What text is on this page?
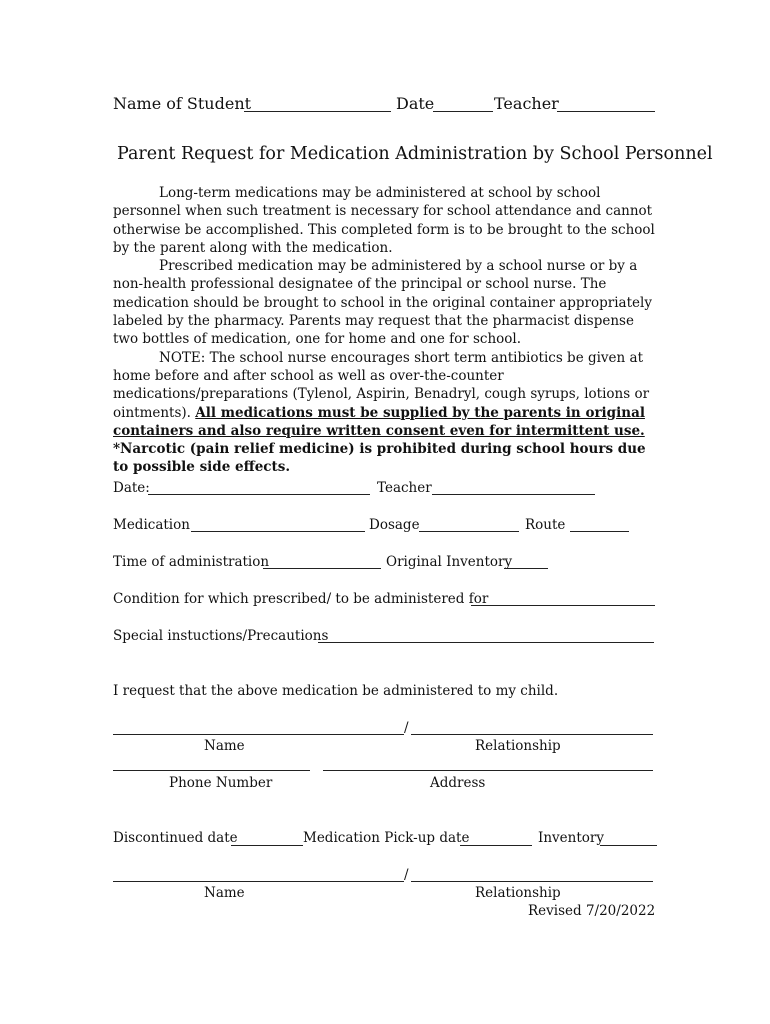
Name of Student	Date	Teacher
Parent Request for Medication Administration by School Personnel

Long-term medications may be administered at school by school personnel when such treatment is necessary for school attendance and cannot otherwise be accomplished. This completed form is to be brought to the school by the parent along with the medication.

Prescribed medication may be administered by a school nurse or by a non-health professional designatee of the principal or school nurse. The medication should be brought to school in the original container appropriately labeled by the pharmacy. Parents may request that the pharmacist dispense two bottles of medication, one for home and one for school.

NOTE: The school nurse encourages short term antibiotics be given at home before and after school as well as over-the-counter medications/preparations (Tylenol, Aspirin, Benadryl, cough syrups, lotions or ointments). All medications must be supplied by the parents in original containers and also require written consent even for intermittent use.  *Narcotic (pain relief medicine) is prohibited during school hours due to possible side effects.

Date:	Teacher
Medication	Dosage	Route
Time of administration	Original Inventory
Condition for which prescribed/ to be administered for
Special instuctions/Precautions
I request that the above medication be administered to my child.
/
Name	Relationship
Phone Number	Address
Discontinued date	Medication Pick-up date	Inventory
/
Name	Relationship
Revised 7/20/2022
